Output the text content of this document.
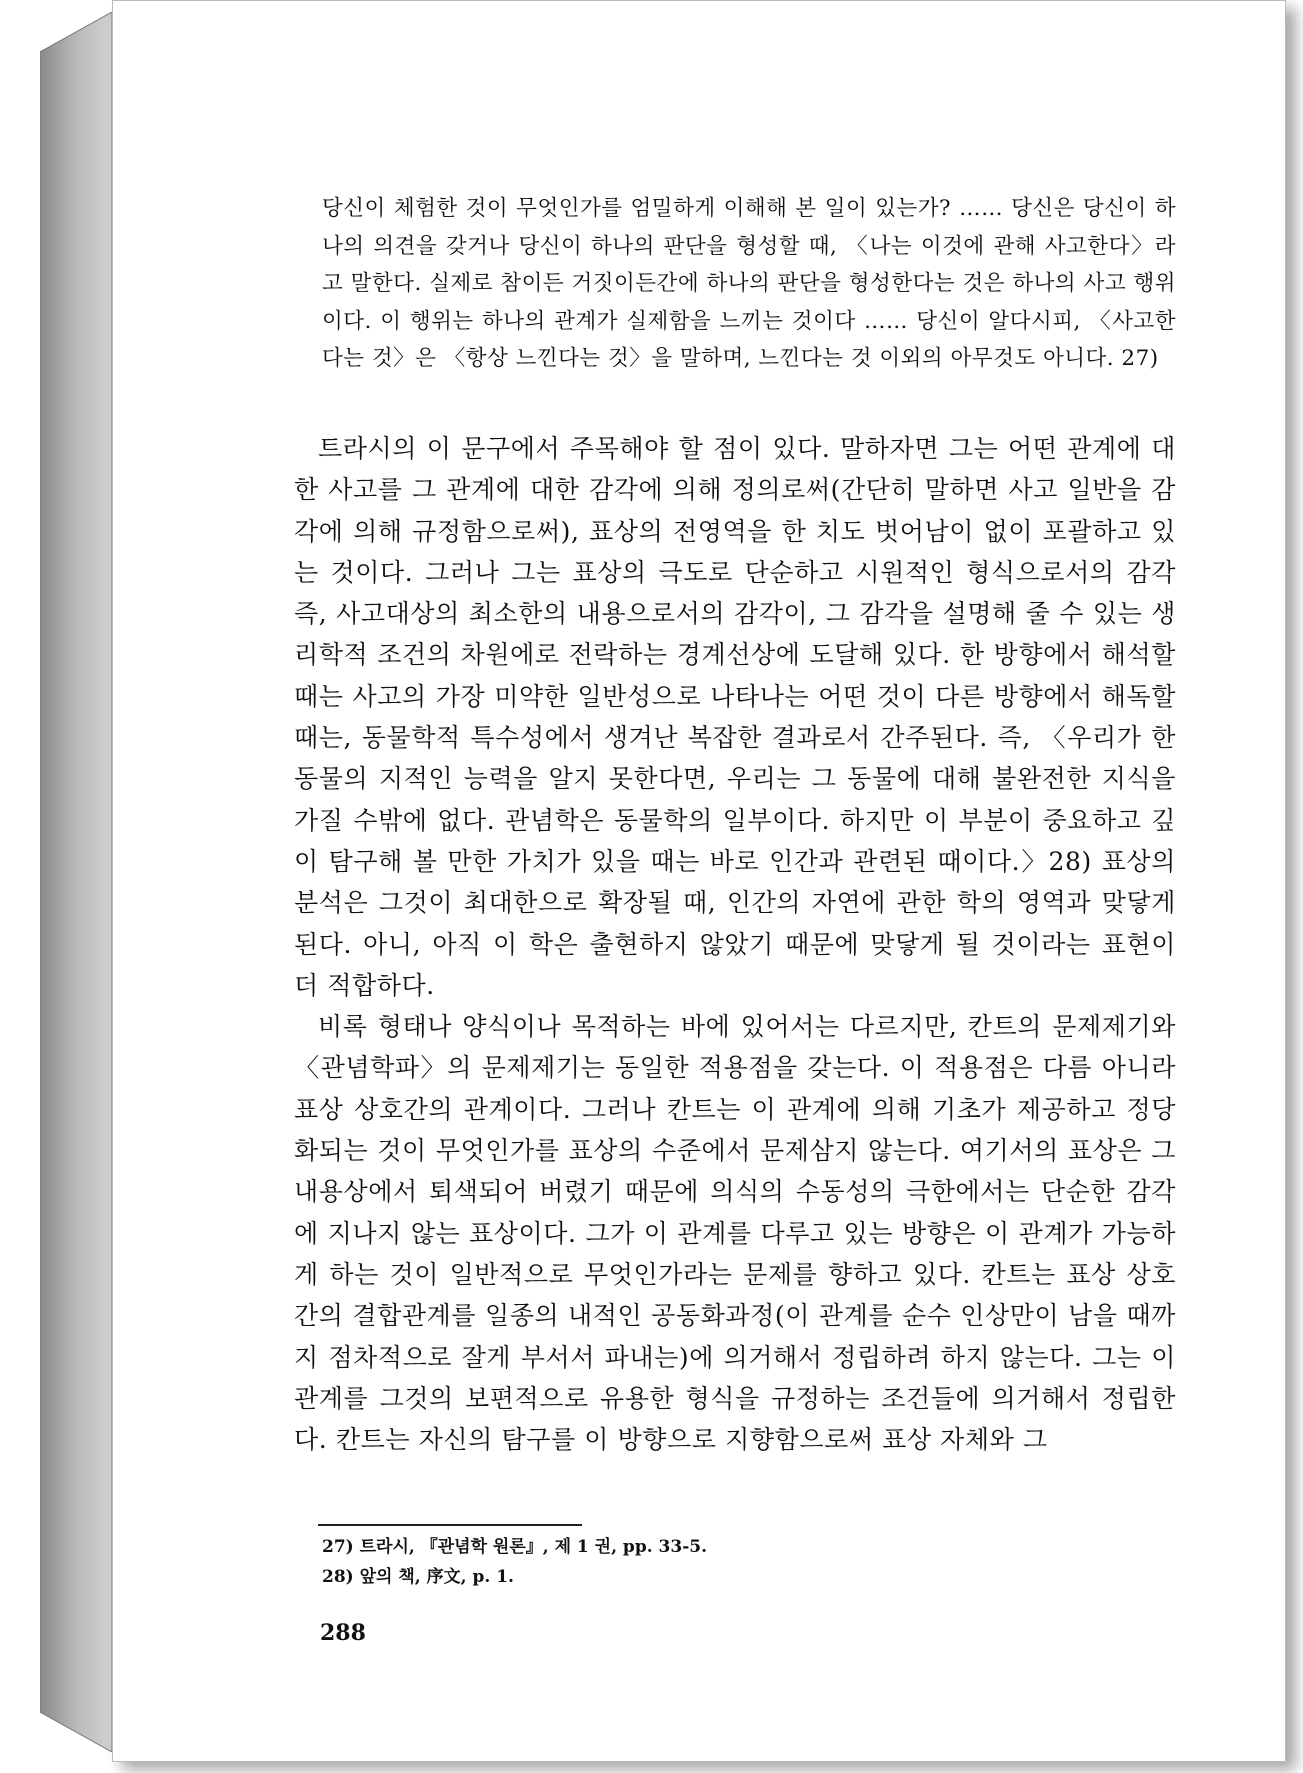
당신이 체험한 것이 무엇인가를 엄밀하게 이해해 본 일이 있는가? …… 당신은 당신이 하나의 의견을 갖거나 당신이 하나의 판단을 형성할 때, 〈나는 이것에 관해 사고한다〉라고 말한다. 실제로 참이든 거짓이든간에 하나의 판단을 형성한다는 것은 하나의 사고 행위이다. 이 행위는 하나의 관계가 실제함을 느끼는 것이다 …… 당신이 알다시피, 〈사고한다는 것〉은 〈항상 느낀다는 것〉을 말하며, 느낀다는 것 이외의 아무것도 아니다. 27)

트라시의 이 문구에서 주목해야 할 점이 있다. 말하자면 그는 어떤 관계에 대한 사고를 그 관계에 대한 감각에 의해 정의로써(간단히 말하면 사고 일반을 감각에 의해 규정함으로써), 표상의 전영역을 한 치도 벗어남이 없이 포괄하고 있는 것이다. 그러나 그는 표상의 극도로 단순하고 시원적인 형식으로서의 감각 즉, 사고대상의 최소한의 내용으로서의 감각이, 그 감각을 설명해 줄 수 있는 생리학적 조건의 차원에로 전락하는 경계선상에 도달해 있다. 한 방향에서 해석할 때는 사고의 가장 미약한 일반성으로 나타나는 어떤 것이 다른 방향에서 해독할 때는, 동물학적 특수성에서 생겨난 복잡한 결과로서 간주된다. 즉, 〈우리가 한 동물의 지적인 능력을 알지 못한다면, 우리는 그 동물에 대해 불완전한 지식을 가질 수밖에 없다. 관념학은 동물학의 일부이다. 하지만 이 부분이 중요하고 깊이 탐구해 볼 만한 가치가 있을 때는 바로 인간과 관련된 때이다.〉28) 표상의 분석은 그것이 최대한으로 확장될 때, 인간의 자연에 관한 학의 영역과 맞닿게 된다. 아니, 아직 이 학은 출현하지 않았기 때문에 맞닿게 될 것이라는 표현이 더 적합하다.

비록 형태나 양식이나 목적하는 바에 있어서는 다르지만, 칸트의 문제제기와 〈관념학파〉의 문제제기는 동일한 적용점을 갖는다. 이 적용점은 다름 아니라 표상 상호간의 관계이다. 그러나 칸트는 이 관계에 의해 기초가 제공하고 정당화되는 것이 무엇인가를 표상의 수준에서 문제삼지 않는다. 여기서의 표상은 그 내용상에서 퇴색되어 버렸기 때문에 의식의 수동성의 극한에서는 단순한 감각에 지나지 않는 표상이다. 그가 이 관계를 다루고 있는 방향은 이 관계가 가능하게 하는 것이 일반적으로 무엇인가라는 문제를 향하고 있다. 칸트는 표상 상호간의 결합관계를 일종의 내적인 공동화과정(이 관계를 순수 인상만이 남을 때까지 점차적으로 잘게 부서서 파내는)에 의거해서 정립하려 하지 않는다. 그는 이 관계를 그것의 보편적으로 유용한 형식을 규정하는 조건들에 의거해서 정립한다. 칸트는 자신의 탐구를 이 방향으로 지향함으로써 표상 자체와 그

27) 트라시, 『관념학 원론』, 제 1 권, pp. 33-5.
28) 앞의 책, 序文, p. 1.
288
